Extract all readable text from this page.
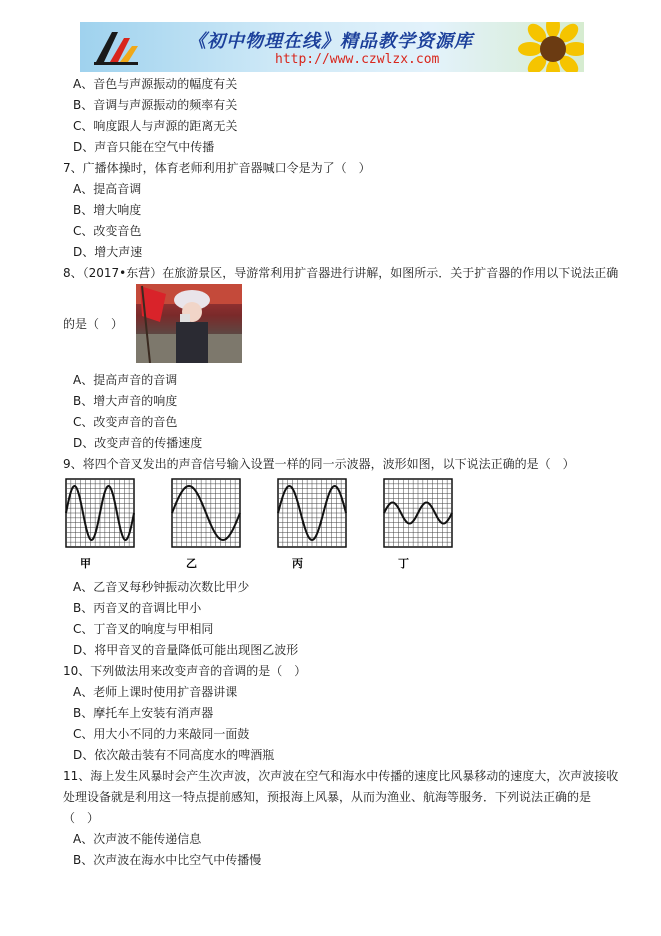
《初中物理在线》精品教学资源库
http://www.czwlzx.com
A、音色与声源振动的幅度有关
B、音调与声源振动的频率有关
C、响度跟人与声源的距离无关
D、声音只能在空气中传播
7、广播体操时，体育老师利用扩音器喊口令是为了（　）
A、提高音调
B、增大响度
C、改变音色
D、增大声速
8、（2017•东营）在旅游景区，导游常利用扩音器进行讲解，如图所示．关于扩音器的作用以下说法正确
的是（　）
A、提高声音的音调
B、增大声音的响度
C、改变声音的音色
D、改变声音的传播速度
9、将四个音叉发出的声音信号输入设置一样的同一示波器，波形如图，以下说法正确的是（　）
A、乙音叉每秒钟振动次数比甲少
B、丙音叉的音调比甲小
C、丁音叉的响度与甲相同
D、将甲音叉的音量降低可能出现图乙波形
10、下列做法用来改变声音的音调的是（　）
A、老师上课时使用扩音器讲课
B、摩托车上安装有消声器
C、用大小不同的力来敲同一面鼓
D、依次敲击装有不同高度水的啤酒瓶
11、海上发生风暴时会产生次声波，次声波在空气和海水中传播的速度比风暴移动的速度大，次声波接收
处理设备就是利用这一特点提前感知，预报海上风暴，从而为渔业、航海等服务．下列说法正确的是
（　）
A、次声波不能传递信息
B、次声波在海水中比空气中传播慢
甲	乙	丙	丁
